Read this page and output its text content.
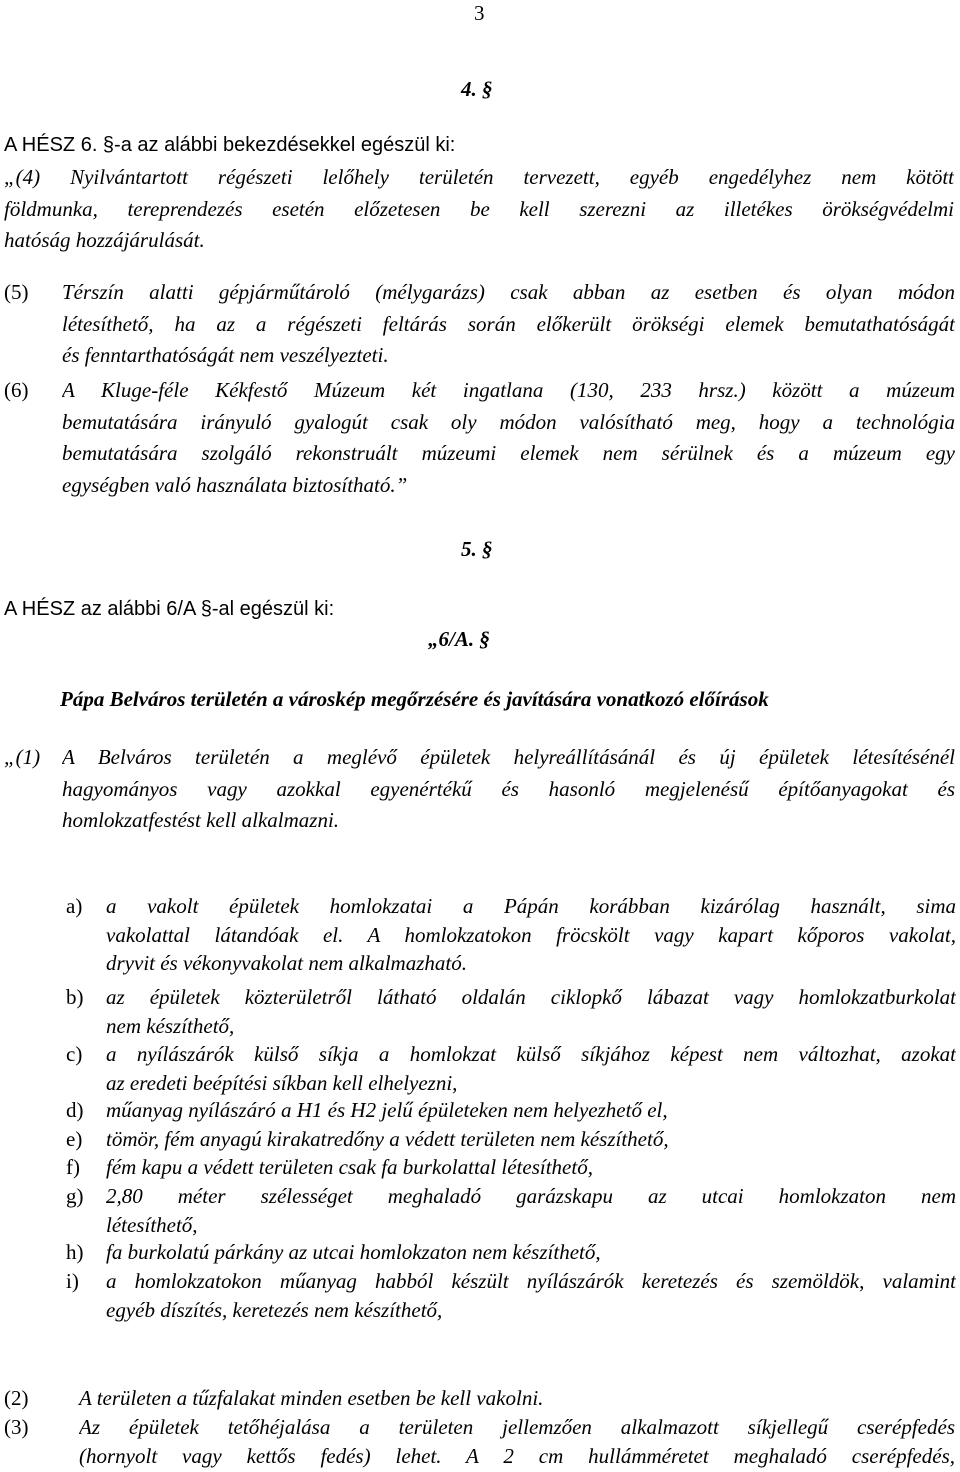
3
4. §
A HÉSZ 6. §-a az alábbi bekezdésekkel egészül ki:
„(4) Nyilvántartott régészeti lelőhely területén tervezett, egyéb engedélyhez nem kötött
földmunka, tereprendezés esetén előzetesen be kell szerezni az illetékes örökségvédelmi
hatóság hozzájárulását.
(5) Térszín alatti gépjárműtároló (mélygarázs) csak abban az esetben és olyan módon
létesíthető, ha az a régészeti feltárás során előkerült örökségi elemek bemutathatóságát
és fenntarthatóságát nem veszélyezteti.
(6) A Kluge-féle Kékfestő Múzeum két ingatlana (130, 233 hrsz.) között a múzeum
bemutatására irányuló gyalogút csak oly módon valósítható meg, hogy a technológia
bemutatására szolgáló rekonstruált múzeumi elemek nem sérülnek és a múzeum egy
egységben való használata biztosítható.”
5. §
A HÉSZ az alábbi 6/A §-al egészül ki:
„6/A. §
Pápa Belváros területén a városkép megőrzésére és javítására vonatkozó előírások
„(1) A Belváros területén a meglévő épületek helyreállításánál és új épületek létesítésénél
hagyományos vagy azokkal egyenértékű és hasonló megjelenésű építőanyagokat és
homlokzatfestést kell alkalmazni.
a) a vakolt épületek homlokzatai a Pápán korábban kizárólag használt, sima
vakolattal látandóak el. A homlokzatokon fröcskölt vagy kapart kőporos vakolat,
dryvit és vékonyvakolat nem alkalmazható.
b) az épületek közterületről látható oldalán ciklopkő lábazat vagy homlokzatburkolat
nem készíthető,
c) a nyílászárók külső síkja a homlokzat külső síkjához képest nem változhat, azokat
az eredeti beépítési síkban kell elhelyezni,
d) műanyag nyílászáró a H1 és H2 jelű épületeken nem helyezhető el,
e) tömör, fém anyagú kirakatredőny a védett területen nem készíthető,
f) fém kapu a védett területen csak fa burkolattal létesíthető,
g) 2,80 méter szélességet meghaladó garázskapu az utcai homlokzaton nem
létesíthető,
h) fa burkolatú párkány az utcai homlokzaton nem készíthető,
i) a homlokzatokon műanyag habból készült nyílászárók keretezés és szemöldök, valamint
egyéb díszítés, keretezés nem készíthető,
(2) A területen a tűzfalakat minden esetben be kell vakolni.
(3) Az épületek tetőhéjalása a területen jellemzően alkalmazott síkjellegű cserépfedés
(hornyolt vagy kettős fedés) lehet. A 2 cm hullámméretet meghaladó cserépfedés,
